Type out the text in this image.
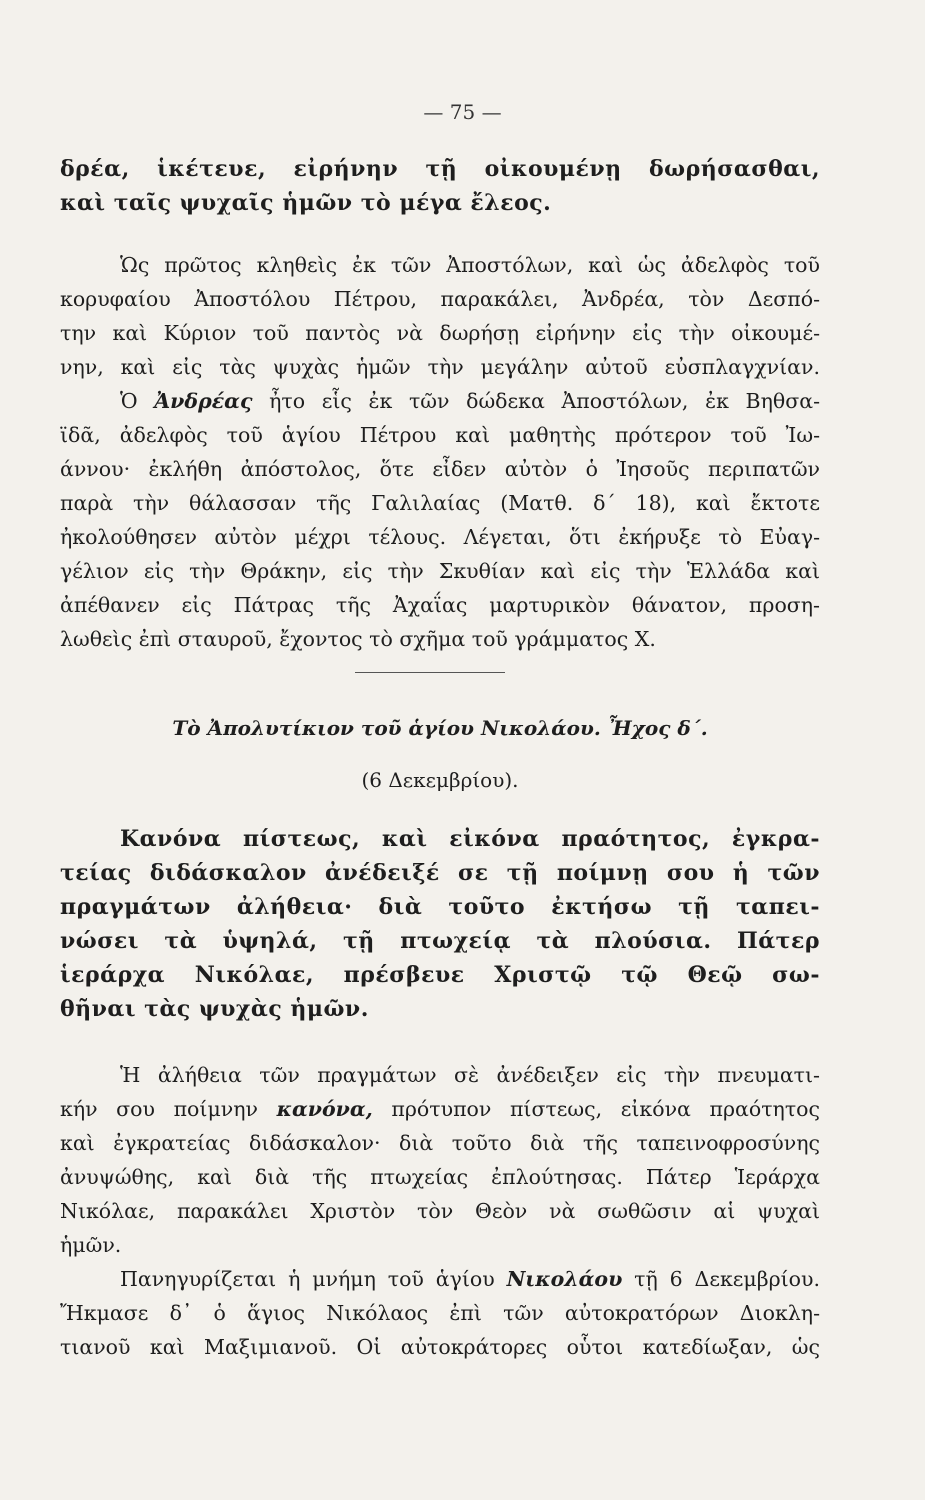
— 75 —
δρέα, ἱκέτευε, εἰρήνην τῇ οἰκουμένῃ δωρήσασθαι,
καὶ ταῖς ψυχαῖς ἡμῶν τὸ μέγα ἔλεος.
Ὡς πρῶτος κληθεὶς ἐκ τῶν Ἀποστόλων, καὶ ὡς ἀδελφὸς τοῦ
κορυφαίου Ἀποστόλου Πέτρου, παρακάλει, Ἀνδρέα, τὸν Δεσπό-
την καὶ Κύριον τοῦ παντὸς νὰ δωρήσῃ εἰρήνην εἰς τὴν οἰκουμέ-
νην, καὶ εἰς τὰς ψυχὰς ἡμῶν τὴν μεγάλην αὐτοῦ εὐσπλαγχνίαν.
Ὁ Ἀνδρέας ἦτο εἷς ἐκ τῶν δώδεκα Ἀποστόλων, ἐκ Βηθσα-
ϊδᾶ, ἀδελφὸς τοῦ ἁγίου Πέτρου καὶ μαθητὴς πρότερον τοῦ Ἰω-
άννου· ἐκλήθη ἀπόστολος, ὅτε εἶδεν αὐτὸν ὁ Ἰησοῦς περιπατῶν
παρὰ τὴν θάλασσαν τῆς Γαλιλαίας (Ματθ. δ΄ 18), καὶ ἔκτοτε
ἠκολούθησεν αὐτὸν μέχρι τέλους. Λέγεται, ὅτι ἐκήρυξε τὸ Εὐαγ-
γέλιον εἰς τὴν Θράκην, εἰς τὴν Σκυθίαν καὶ εἰς τὴν Ἑλλάδα καὶ
ἀπέθανεν εἰς Πάτρας τῆς Ἀχαΐας μαρτυρικὸν θάνατον, προση-
λωθεὶς ἐπὶ σταυροῦ, ἔχοντος τὸ σχῆμα τοῦ γράμματος Χ.
Τὸ Ἀπολυτίκιον τοῦ ἁγίου Νικολάου. Ἦχος δ΄.
(6 Δεκεμβρίου).
Κανόνα πίστεως, καὶ εἰκόνα πραότητος, ἐγκρα-
τείας διδάσκαλον ἀνέδειξέ σε τῇ ποίμνῃ σου ἡ τῶν
πραγμάτων ἀλήθεια· διὰ τοῦτο ἐκτήσω τῇ ταπει-
νώσει τὰ ὑψηλά, τῇ πτωχείᾳ τὰ πλούσια. Πάτερ
ἱεράρχα Νικόλαε, πρέσβευε Χριστῷ τῷ Θεῷ σω-
θῆναι τὰς ψυχὰς ἡμῶν.
Ἡ ἀλήθεια τῶν πραγμάτων σὲ ἀνέδειξεν εἰς τὴν πνευματι-
κήν σου ποίμνην κανόνα, πρότυπον πίστεως, εἰκόνα πραότητος
καὶ ἐγκρατείας διδάσκαλον· διὰ τοῦτο διὰ τῆς ταπεινοφροσύνης
ἀνυψώθης, καὶ διὰ τῆς πτωχείας ἐπλούτησας. Πάτερ Ἱεράρχα
Νικόλαε, παρακάλει Χριστὸν τὸν Θεὸν νὰ σωθῶσιν αἱ ψυχαὶ
ἡμῶν.
Πανηγυρίζεται ἡ μνήμη τοῦ ἁγίου Νικολάου τῇ 6 Δεκεμβρίου.
Ἤκμασε δ᾽ ὁ ἅγιος Νικόλαος ἐπὶ τῶν αὐτοκρατόρων Διοκλη-
τιανοῦ καὶ Μαξιμιανοῦ. Οἱ αὐτοκράτορες οὗτοι κατεδίωξαν, ὡς
